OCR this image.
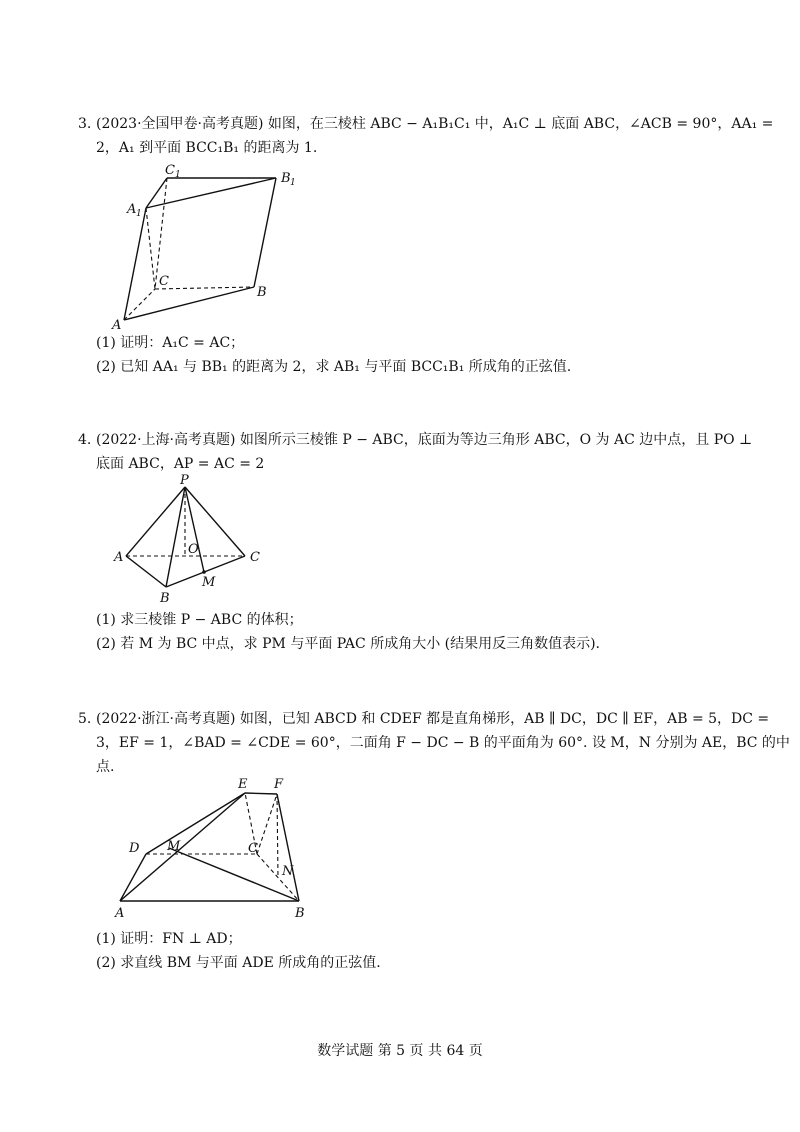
3. (2023·全国甲卷·高考真题) 如图，在三棱柱 ABC − A₁B₁C₁ 中，A₁C ⊥ 底面 ABC，∠ACB = 90°，AA₁ =
2，A₁ 到平面 BCC₁B₁ 的距离为 1.
C 1	B 1
A 1
C
B
A
(1) 证明：A₁C = AC；
(2) 已知 AA₁ 与 BB₁ 的距离为 2，求 AB₁ 与平面 BCC₁B₁ 所成角的正弦值.
4. (2022·上海·高考真题) 如图所示三棱锥 P − ABC，底面为等边三角形 ABC，O 为 AC 边中点，且 PO ⊥
底面 ABC，AP = AC = 2
P
A	C
O
M
B
(1) 求三棱锥 P − ABC 的体积；
(2) 若 M 为 BC 中点，求 PM 与平面 PAC 所成角大小 (结果用反三角数值表示).
5. (2022·浙江·高考真题) 如图，已知 ABCD 和 CDEF 都是直角梯形，AB ∥ DC，DC ∥ EF，AB = 5，DC =
3，EF = 1，∠BAD = ∠CDE = 60°，二面角 F − DC − B 的平面角为 60°. 设 M，N 分别为 AE，BC 的中
点.
E F
D M	C
N
A	B
(1) 证明：FN ⊥ AD；
(2) 求直线 BM 与平面 ADE 所成角的正弦值.
数学试题 第 5 页 共 64 页
